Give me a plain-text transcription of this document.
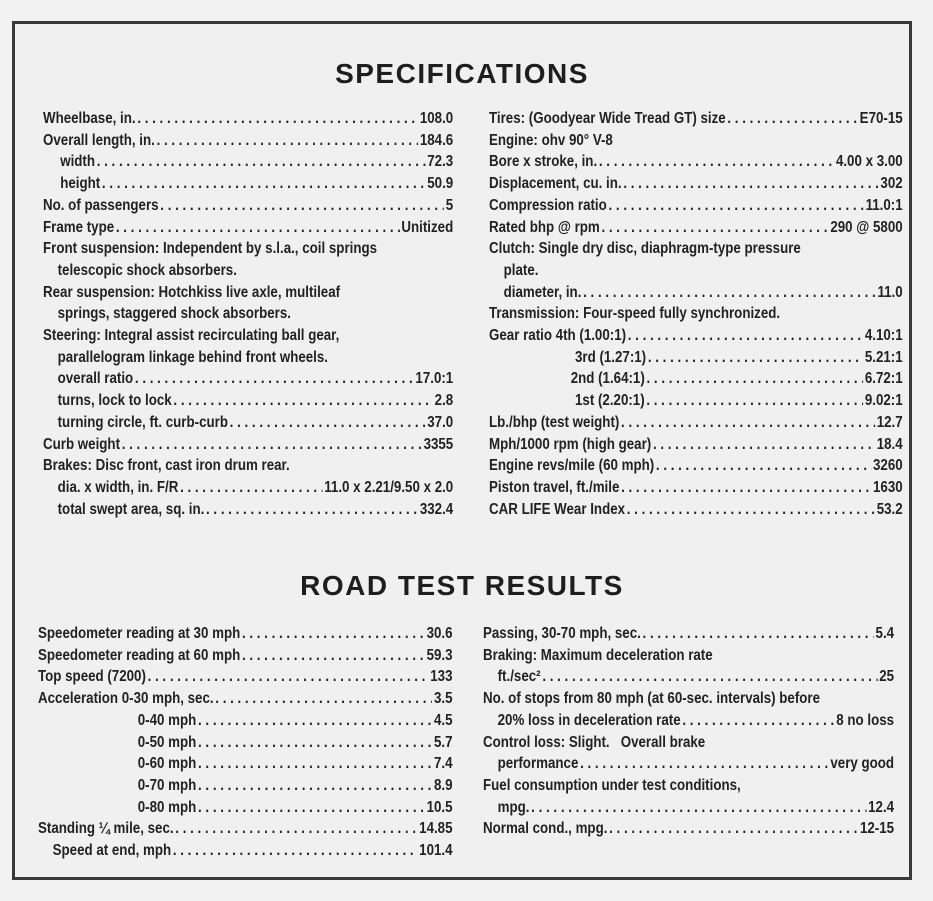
SPECIFICATIONS
Wheelbase, in. . . .	108.0
Overall length, in. . . .	184.6
width . . .	72.3
height . . .	50.9
No. of passengers . . .	5
Frame type . . .	Unitized
Front suspension: Independent by s.l.a., coil springs
telescopic shock absorbers.
Rear suspension: Hotchkiss live axle, multileaf
springs, staggered shock absorbers.
Steering: Integral assist recirculating ball gear,
parallelogram linkage behind front wheels.
overall ratio . . .	17.0:1
turns, lock to lock . . .	2.8
turning circle, ft. curb-curb . . .	37.0
Curb weight . . .	3355
Brakes: Disc front, cast iron drum rear.
dia. x width, in. F/R . . .	11.0 x 2.21/9.50 x 2.0
total swept area, sq. in. . . .	332.4
Tires: (Goodyear Wide Tread GT) size . . .	E70-15
Engine: ohv 90° V-8
Bore x stroke, in. . . .	4.00 x 3.00
Displacement, cu. in. . . .	302
Compression ratio . . .	11.0:1
Rated bhp @ rpm . . .	290 @ 5800
Clutch: Single dry disc, diaphragm-type pressure
plate.
diameter, in. . . .	11.0
Transmission: Four-speed fully synchronized.
Gear ratio 4th (1.00:1) . . .	4.10:1
3rd (1.27:1) . . .	5.21:1
2nd (1.64:1) . . .	6.72:1
1st (2.20:1) . . .	9.02:1
Lb./bhp (test weight) . . .	12.7
Mph/1000 rpm (high gear) . . .	18.4
Engine revs/mile (60 mph) . . .	3260
Piston travel, ft./mile . . .	1630
CAR LIFE Wear Index . . .	53.2
ROAD TEST RESULTS
Speedometer reading at 30 mph . . .	30.6
Speedometer reading at 60 mph . . .	59.3
Top speed (7200) . . .	133
Acceleration 0-30 mph, sec. . . .	3.5
0-40 mph . . .	4.5
0-50 mph . . .	5.7
0-60 mph . . .	7.4
0-70 mph . . .	8.9
0-80 mph . . .	10.5
Standing ¼ mile, sec. . . .	14.85
Speed at end, mph . . .	101.4
Passing, 30-70 mph, sec. . . .	5.4
Braking: Maximum deceleration rate
ft./sec² . . .	25
No. of stops from 80 mph (at 60-sec. intervals) before
20% loss in deceleration rate . . .	8 no loss
Control loss: Slight.   Overall brake
performance . . .	very good
Fuel consumption under test conditions,
mpg. . . .	12.4
Normal cond., mpg. . . .	12-15
